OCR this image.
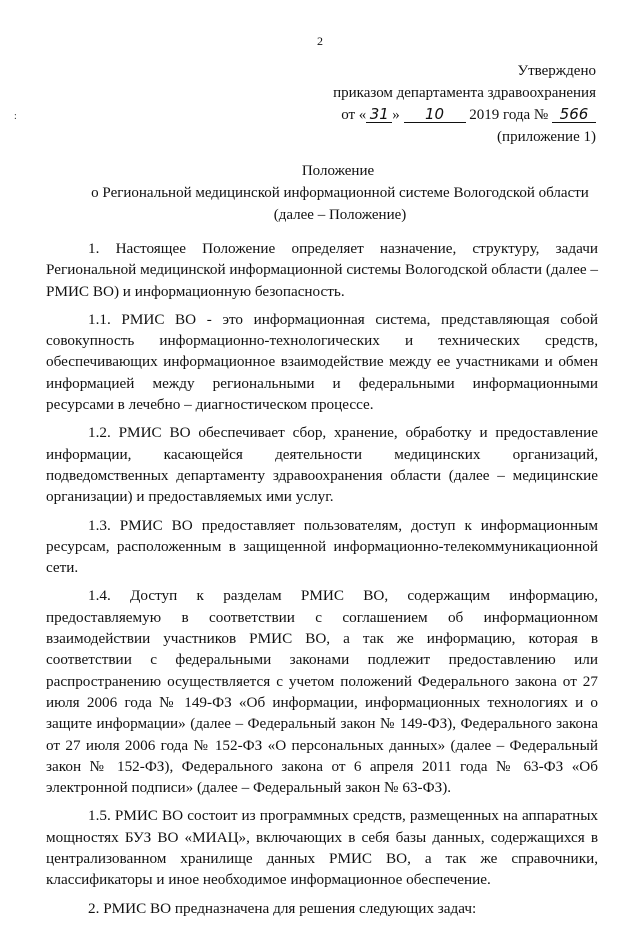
2
Утверждено
приказом департамента здравоохранения
от « 31 » 10 2019 года № 566
(приложение 1)
:
Положение
о Региональной медицинской информационной системе Вологодской области
(далее – Положение)

1. Настоящее Положение определяет назначение, структуру, задачи Региональной медицинской информационной системы Вологодской области (далее – РМИС ВО) и информационную безопасность.

1.1. РМИС ВО - это информационная система, представляющая собой совокупность информационно-технологических и технических средств, обеспечивающих информационное взаимодействие между ее участниками и обмен информацией между региональными и федеральными информационными ресурсами в лечебно – диагностическом процессе.

1.2. РМИС ВО обеспечивает сбор, хранение, обработку и предоставление информации, касающейся деятельности медицинских организаций, подведомственных департаменту здравоохранения области (далее – медицинские организации) и предоставляемых ими услуг.

1.3. РМИС ВО предоставляет пользователям, доступ к информационным ресурсам, расположенным в защищенной информационно-телекоммуникационной сети.

1.4. Доступ к разделам РМИС ВО, содержащим информацию, предоставляемую в соответствии с соглашением об информационном взаимодействии участников РМИС ВО, а так же информацию, которая в соответствии с федеральными законами подлежит предоставлению или распространению осуществляется с учетом положений Федерального закона от 27 июля 2006 года № 149-ФЗ «Об информации, информационных технологиях и о защите информации» (далее – Федеральный закон № 149-ФЗ), Федерального закона от 27 июля 2006 года № 152-ФЗ «О персональных данных» (далее – Федеральный закон № 152-ФЗ), Федерального закона от 6 апреля 2011 года № 63-ФЗ «Об электронной подписи» (далее – Федеральный закон № 63-ФЗ).

1.5. РМИС ВО состоит из программных средств, размещенных на аппаратных мощностях БУЗ ВО «МИАЦ», включающих в себя базы данных, содержащихся в централизованном хранилище данных РМИС ВО, а так же справочники, классификаторы и иное необходимое информационное обеспечение.

2. РМИС ВО предназначена для решения следующих задач:
